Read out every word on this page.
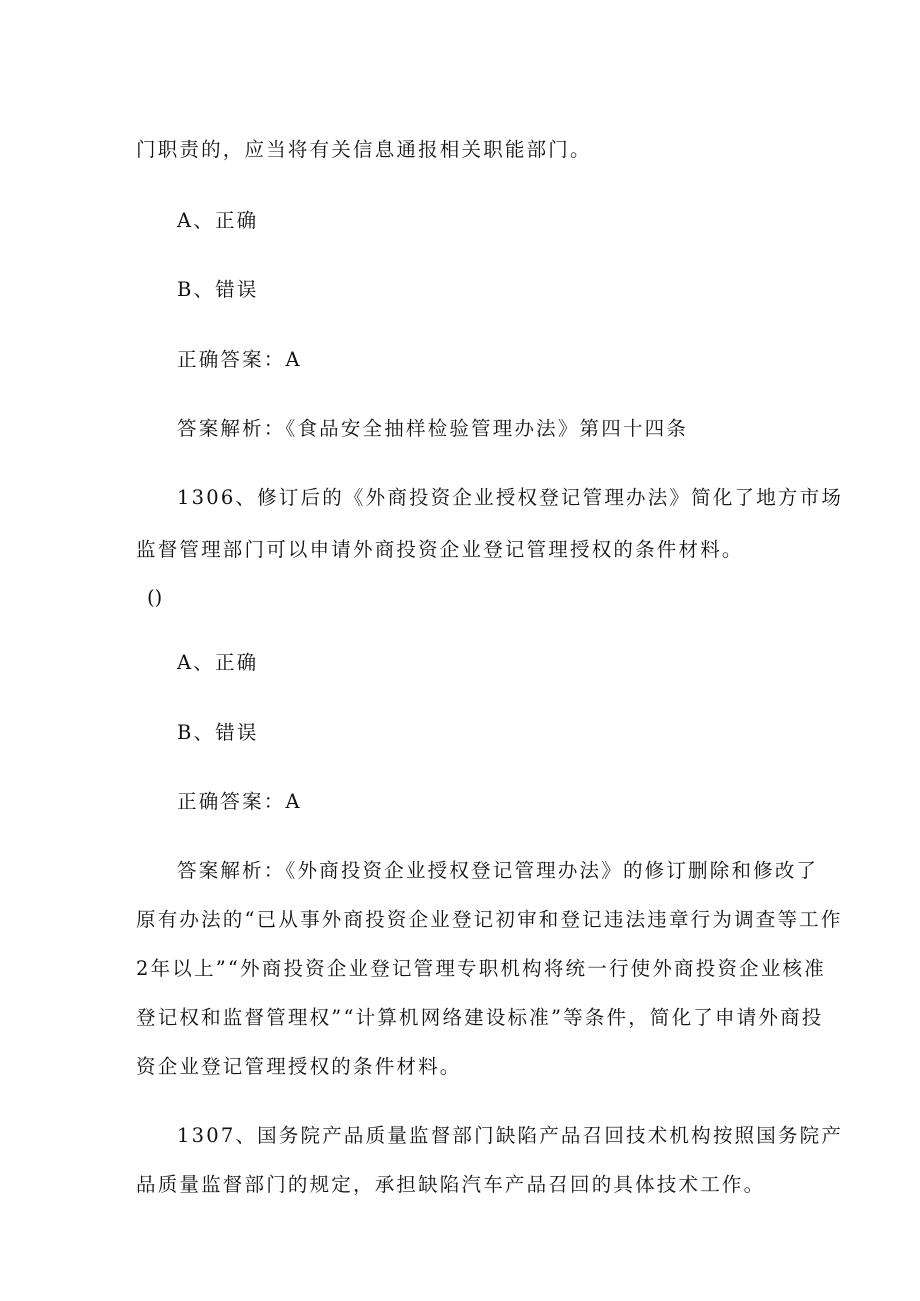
门职责的，应当将有关信息通报相关职能部门。

A、正确

B、错误

正确答案：A

答案解析：《食品安全抽样检验管理办法》第四十四条

1306、修订后的《外商投资企业授权登记管理办法》简化了地方市场

监督管理部门可以申请外商投资企业登记管理授权的条件材料。

()

A、正确

B、错误

正确答案：A

答案解析：《外商投资企业授权登记管理办法》的修订删除和修改了

原有办法的“已从事外商投资企业登记初审和登记违法违章行为调查等工作

2年以上”“外商投资企业登记管理专职机构将统一行使外商投资企业核准

登记权和监督管理权”“计算机网络建设标准”等条件，简化了申请外商投

资企业登记管理授权的条件材料。

1307、国务院产品质量监督部门缺陷产品召回技术机构按照国务院产

品质量监督部门的规定，承担缺陷汽车产品召回的具体技术工作。
